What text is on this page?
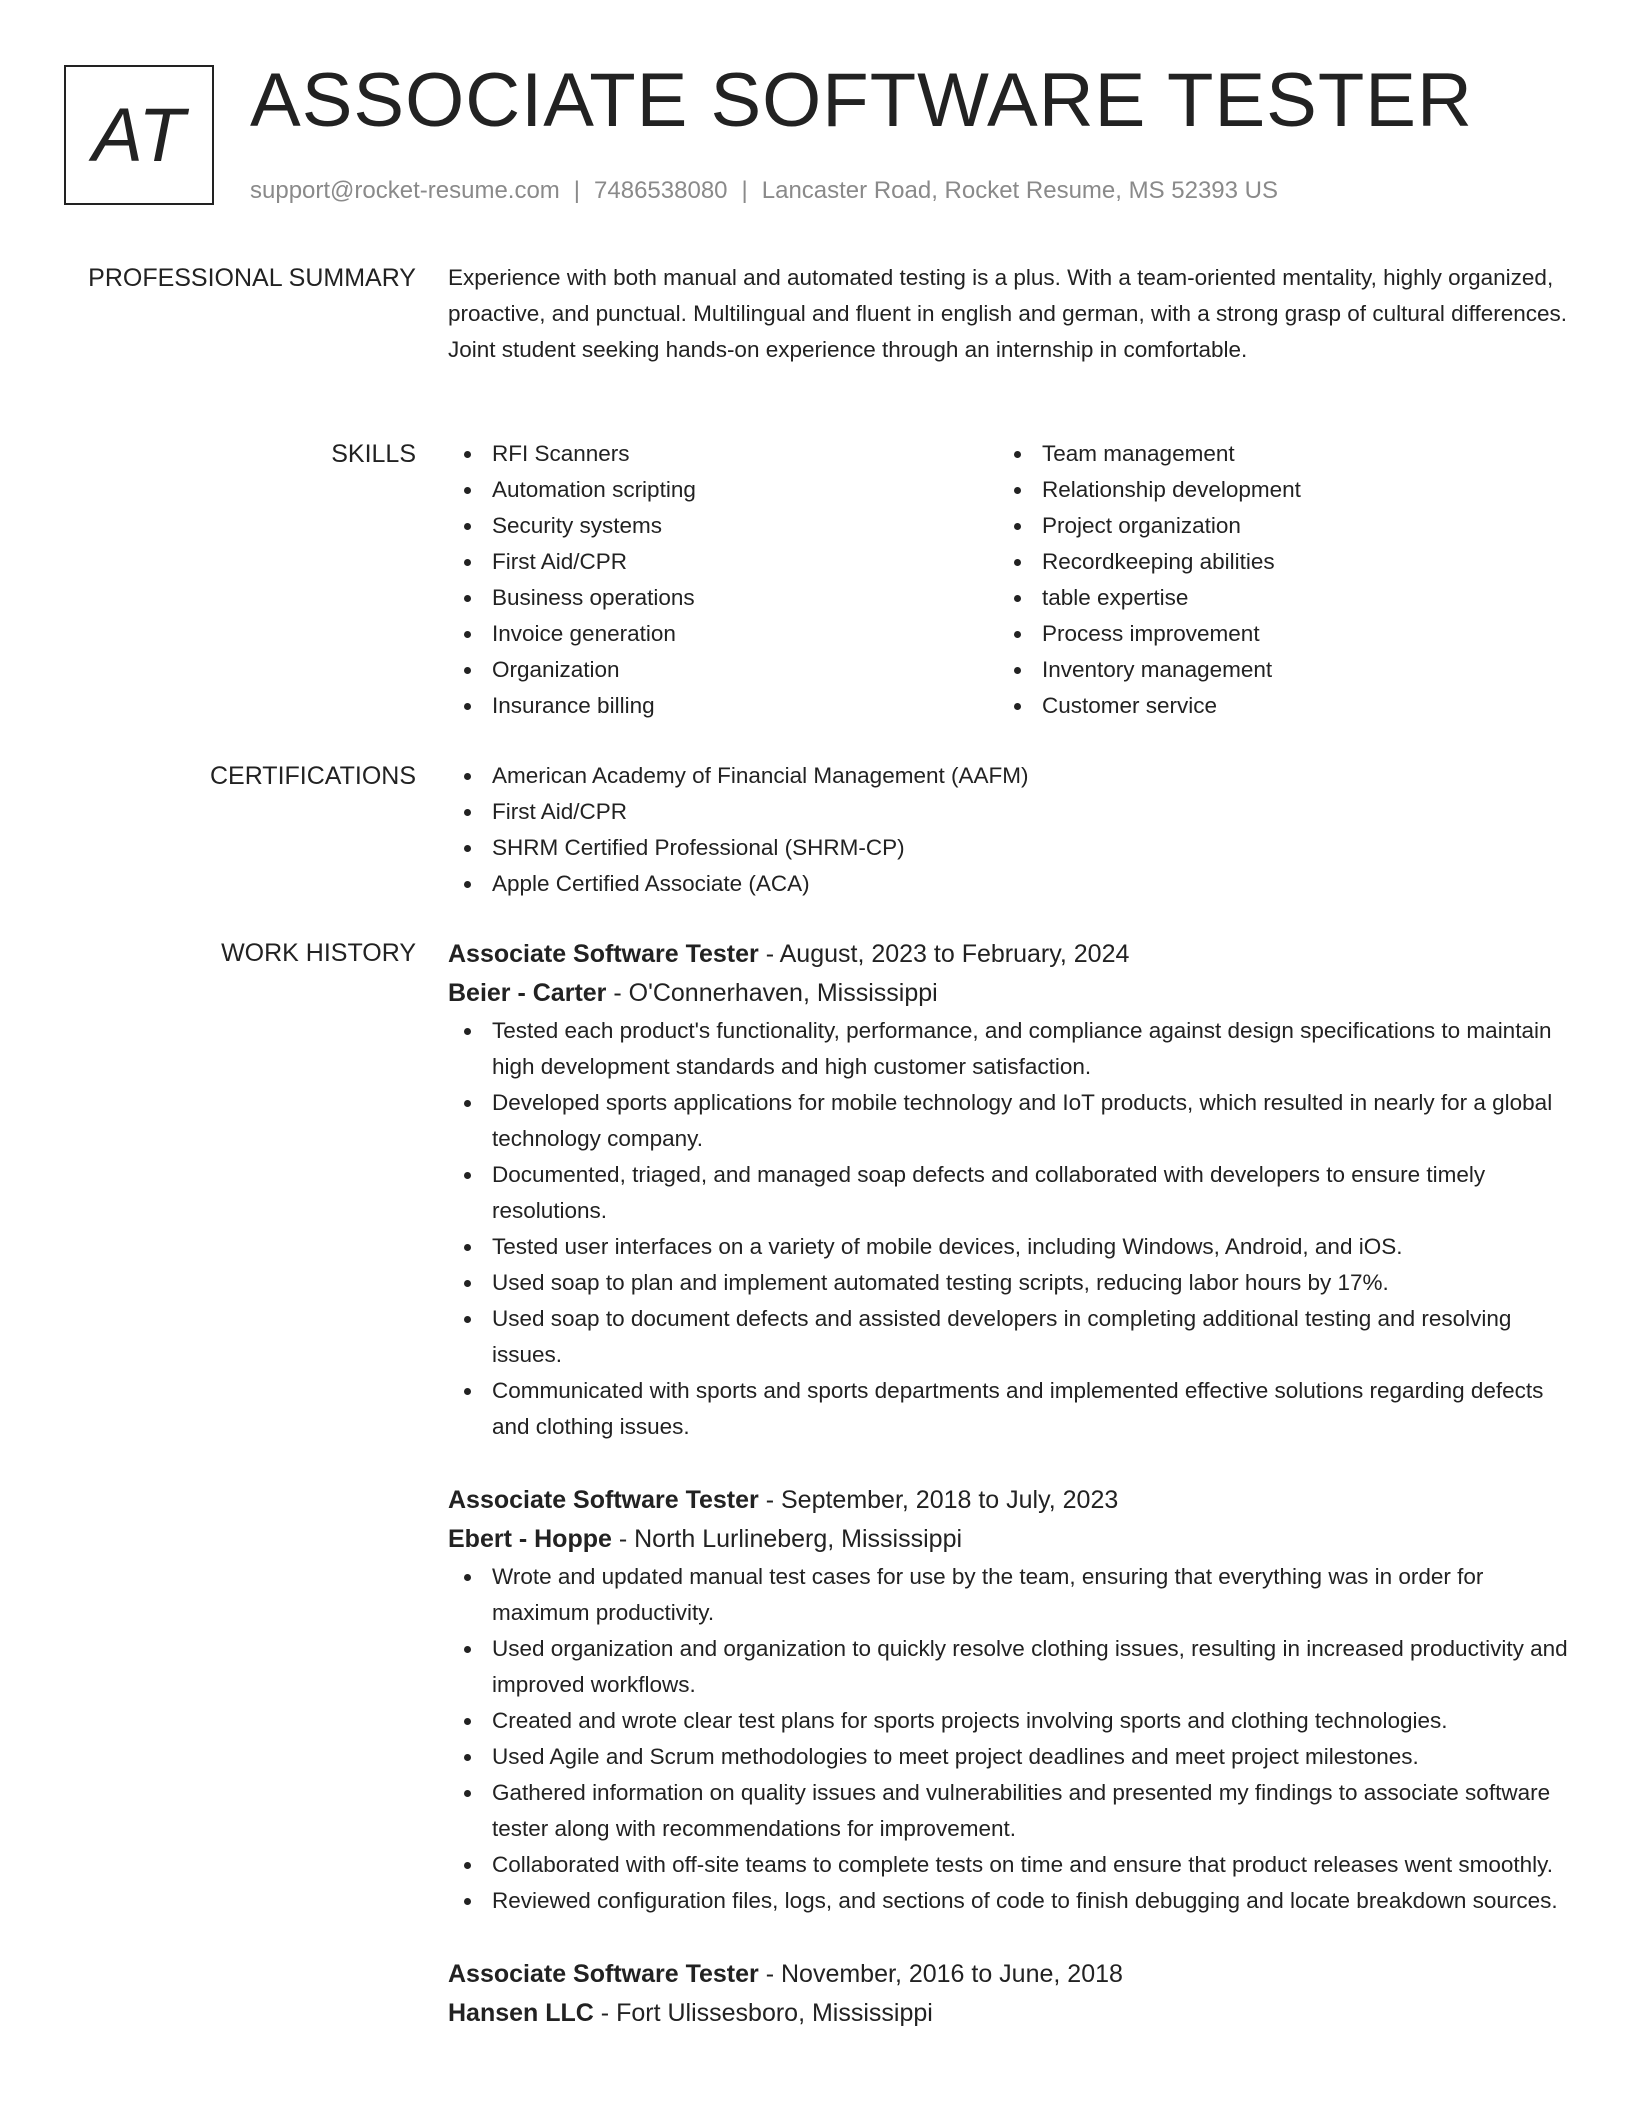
AT ASSOCIATE SOFTWARE TESTER
support@rocket-resume.com | 7486538080 | Lancaster Road, Rocket Resume, MS 52393 US
PROFESSIONAL SUMMARY Experience with both manual and automated testing is a plus. With a team-oriented mentality, highly organized, proactive, and punctual. Multilingual and fluent in english and german, with a strong grasp of cultural differences. Joint student seeking hands-on experience through an internship in comfortable.

SKILLS	RFI Scanners
Automation scripting
Security systems
First Aid/CPR
Business operations
Invoice generation
Organization
Insurance billing
Team management
Relationship development
Project organization
Recordkeeping abilities
table expertise
Process improvement
Inventory management
Customer service
CERTIFICATIONS	American Academy of Financial Management (AAFM)
First Aid/CPR
SHRM Certified Professional (SHRM-CP)
Apple Certified Associate (ACA)
WORK HISTORY Associate Software Tester - August, 2023 to February, 2024
Beier - Carter - O'Connerhaven, Mississippi
Tested each product's functionality, performance, and compliance against design specifications to maintain high development standards and high customer satisfaction.
Developed sports applications for mobile technology and IoT products, which resulted in nearly for a global technology company.
Documented, triaged, and managed soap defects and collaborated with developers to ensure timely resolutions.
Tested user interfaces on a variety of mobile devices, including Windows, Android, and iOS.
Used soap to plan and implement automated testing scripts, reducing labor hours by 17%.
Used soap to document defects and assisted developers in completing additional testing and resolving issues.
Communicated with sports and sports departments and implemented effective solutions regarding defects and clothing issues.
Associate Software Tester - September, 2018 to July, 2023
Ebert - Hoppe - North Lurlineberg, Mississippi
Wrote and updated manual test cases for use by the team, ensuring that everything was in order for maximum productivity.
Used organization and organization to quickly resolve clothing issues, resulting in increased productivity and improved workflows.
Created and wrote clear test plans for sports projects involving sports and clothing technologies.
Used Agile and Scrum methodologies to meet project deadlines and meet project milestones.
Gathered information on quality issues and vulnerabilities and presented my findings to associate software tester along with recommendations for improvement.
Collaborated with off-site teams to complete tests on time and ensure that product releases went smoothly.
Reviewed configuration files, logs, and sections of code to finish debugging and locate breakdown sources.
Associate Software Tester - November, 2016 to June, 2018
Hansen LLC - Fort Ulissesboro, Mississippi
